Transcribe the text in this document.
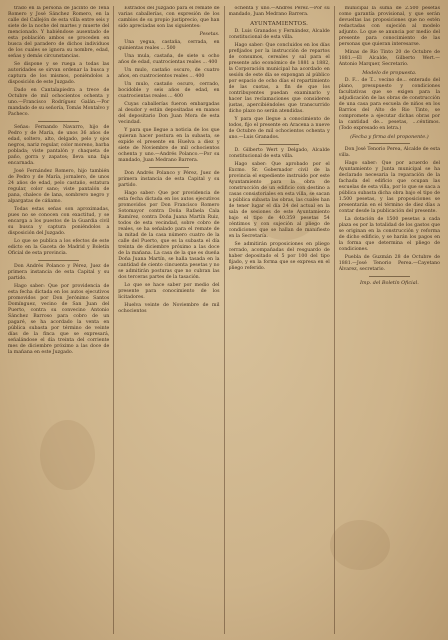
trado en la persona de Jacinto de Tena Romero y José Sánchez Romero, en la calle del Callejón de esta villa entre seis y siete de la noche del martes y muerte del mencionado. Y habiéndose ausentado de esta población ambos se proceden en busca del paradero de dichos individuos de los cuales se ignora su nombre, edad, señas y demás circunstancias.

Se dispone y se ruega a todas las autoridades se sirvan ordenar la busca y captura de los mismos, poniéndolos a disposición de este Juzgado.

Dado en Cantalapiedra a trece de Octubre de mil ochocientos ochenta y uno.—Francisco Rodríguez Galán.—Por mandado de su señoría, Tomás Montalvo y Pacheco.

Señas: Fernando Navarro, hijo de Pedro y de María, de unos 36 años de edad, soltero, alto, delgado, pelo y ojos negros, nariz regular, color moreno, barba poblada; viste pantalón y chaqueta de paño, gorra y zapatos; lleva una faja encarnada.

José Fernández Romero, hijo también de Pedro y de María, jornalero, de unos 24 años de edad, pelo castaño, estatura regular, color sano; viste pantalón de pana, chaleco de lana, sombrero negro y alpargatas de cáñamo.

Todas estas señas son aproximadas, pues no se conocen con exactitud, y se encarga a los puestos de la Guardia civil su busca y captura poniéndolos a disposición del Juzgado.

Lo que se publica a los efectos de este edicto en la Gaceta de Madrid y Boletín Oficial de esta provincia.

Don Andrés Polanco y Pérez, Juez de primera instancia de esta Capital y su partido.

Hago saber: Que por providencia de esta fecha dictada en los autos ejecutivos promovidos por Don Jerónimo Santos Domínguez, vecino de San Juan del Puerto, contra su convecino Antonio Sánchez Barroso para cobro de un pagaré, se ha acordado la venta en pública subasta por término de veinte días de la finca que se expresará, señalándose el día treinta del corriente mes de diciembre próximo a las doce de la mañana en este Juzgado.

Estrados del Juzgado para el remate de varias caballerías, con expresión de los cambios de su propio justiprecio, que han sido apreciadas son las siguientes:

Pesetas.

Una yegua, castaña, cerrada, en quinientas reales ... 500

Una mula, castaña, de siete u ocho años de edad, cuatrocientas reales ... 400

Un mulo, castaño oscuro, de cuatro años, en cuatrocientos reales ... 400

Un mulo, castaño oscuro, cerrado, bocidoble y seis años de edad, en cuatrocientas reales ... 400

Cuyas caballerías fueron embargadas al deudor y están depositadas en manos del depositario Don Juan Mora de esta vecindad.

Y para que llegue a noticia de los que quieran hacer postura en la subasta, se expide el presente en Huelva a diez y siete de Noviembre de mil ochocientos ochenta y uno.—Andrés Polanco.—Por su mandado, Juan Medrano Barrera.

Don Andrés Polanco y Pérez, Juez de primera instancia de esta Capital y su partido.

Hago saber: Que por providencia de esta fecha dictada en los autos ejecutivos promovidos por Don Francisco Romero Sotomayor contra Doña Rafaela Cala Ramírez, contra Doña Juana Martín Ruiz, todos de esta vecindad, sobre cobro de reales, se ha señalado para el remate de la mitad de la casa número cuatro de la calle del Puerto, que es la subasta el día treinta de diciembre próximo a las doce de la mañana. La casa de la que es dueña Doña Juana Martín, se halla tasada en la cantidad de ciento cincuenta pesetas y no se admitirán posturas que no cubran las dos terceras partes de la tasación.

Lo que se hace saber por medio del presente para conocimiento de los licitadores.

Huelva veinte de Noviembre de mil ochocientos

ochenta y uno.—Andrés Pérez.—Por su mandado, Juan Medrano Barrera.

AYUNTAMIENTOS.

D. Luis Granados y Fernández, Alcalde constitucional de esta villa.

Hago saber: Que concluidos en los días prefijados por la instrucción de repartos de consumos, cereales y sal para el presente año económico de 1881 a 1882, la Corporación municipal ha acordado en sesión de este día se expongan al público por espacio de ocho días el repartimiento de las cuotas, a fin de que los contribuyentes puedan examinarlo y hacer las reclamaciones que consideren justas, apercibiéndoles que transcurrido dicho plazo no serán atendidas.

Y para que llegue a conocimiento de todos, fijo el presente en Aracena a nueve de Octubre de mil ochocientos ochenta y uno.—Luis Granados.

D. Gilberto Wert y Delgado, Alcalde constitucional de esta villa.

Hago saber: Que aprobado por el Excmo. Sr. Gobernador civil de la provincia el expediente instruido por este Ayuntamiento para la obra de construcción de un edificio con destino a casas consistoriales en esta villa, se sacan a pública subasta las obras, las cuales han de tener lugar el día 24 del actual en la sala de sesiones de este Ayuntamiento bajo el tipo de 40.359 pesetas 54 céntimos y con sujeción al pliego de condiciones que se hallan de manifiesto en la Secretaría.

Se admitirán proposiciones en pliego cerrado, acompañadas del resguardo de haber depositado el 5 por 100 del tipo fijado, y en la forma que se expresa en el pliego referido.

municipal la suma de 2.500 pesetas como garantía provisional, y que serán devueltas las proposiciones que no estén redactadas con sujeción al modelo adjunto. Lo que se anuncia por medio del presente para conocimiento de las personas que quieran interesarse.

Minas de Rio Tinto 20 de Octubre de 1881.—El Alcalde, Gilberto Wert.—Antonio Marquer, Secretario.

Modelo de propuesta.

D. F... de T... vecino de... enterado del plano, presupuesto y condiciones facultativas que se exigen para la adjudicación de las obras de construcción de una casa para escuela de niños en los Barrios del Alto de Rio Tinto, se compromete a ejecutar dichas obras por la cantidad de... pesetas, ...céntimos. (Todo expresado en letra.)

(Fecha y firma del proponente.)

Don José Tenorio Perea, Alcalde de esta villa.

Hago saber: Que por acuerdo del Ayuntamiento y Junta municipal se ha declarado necesaria la reparación de la fachada del edificio que ocupan las escuelas de esta villa, por lo que se saca a pública subasta dicha obra bajo el tipo de 1.500 pesetas, y las proposiciones se presentarán en el término de diez días a contar desde la publicación del presente.

La dotación de 1500 pesetas a cada plaza es por la totalidad de los gastos que se originan en la construcción y reforma de dicho edificio, y se harán los pagos en la forma que determina el pliego de condiciones.

Puebla de Guzmán 28 de Octubre de 1881.—José Tenorio Perea.—Cayetano Álvarez, secretario.

Imp. del Boletín Oficial.
